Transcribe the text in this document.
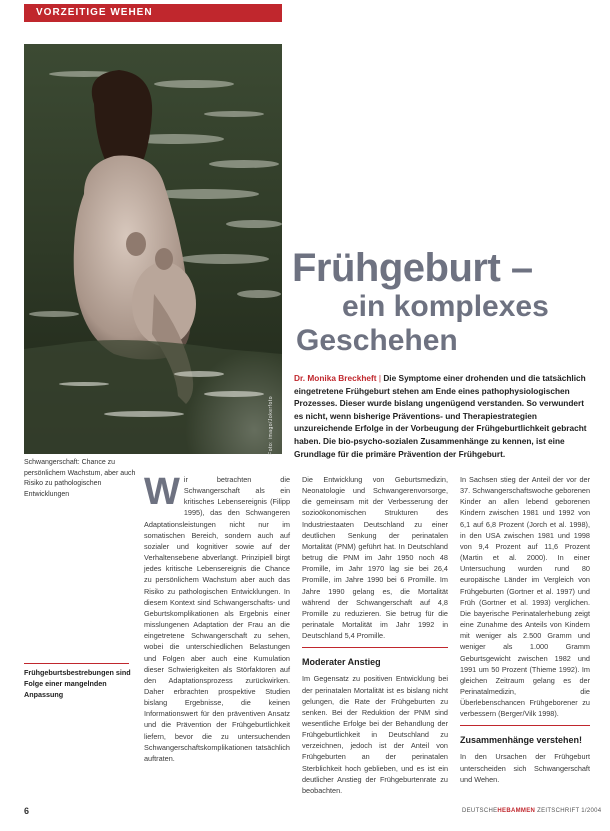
VORZEITIGE WEHEN
Foto: imago/Jokerfoto
Frühgeburt –
ein komplexes
Geschehen

Dr. Monika Breckheft | Die Symptome einer drohenden und die tatsächlich eingetretene Frühgeburt stehen am Ende eines pathophysiologischen Prozesses. Dieser wurde bislang ungenügend verstanden. So verwundert es nicht, wenn bisherige Präventions- und Therapiestrategien unzureichende Erfolge in der Vorbeugung der Frühgeburtlichkeit gebracht haben. Die bio-psycho-sozialen Zusammenhänge zu kennen, ist eine Grundlage für die primäre Prävention der Frühgeburt.

Schwangerschaft: Chance zu persönlichem Wachstum, aber auch Risiko zu pathologischen Entwicklungen

Frühgeburtsbestrebungen sind Folge einer mangelnden Anpassung

W ir betrachten die Schwangerschaft als ein kritisches Lebensereignis (Filipp 1995), das den Schwangeren Adaptationsleistungen nicht nur im somatischen Bereich, sondern auch auf sozialer und kognitiver sowie auf der Verhaltensebene abverlangt. Prinzipiell birgt jedes kritische Lebensereignis die Chance zu persönlichem Wachstum aber auch das Risiko zu pathologischen Entwicklungen. In diesem Kontext sind Schwangerschafts- und Geburtskomplikationen als Ergebnis einer misslungenen Adaptation der Frau an die eingetretene Schwangerschaft zu sehen, wobei die unterschiedlichen Belastungen und Folgen aber auch eine Kumulation dieser Schwierigkeiten als Störfaktoren auf den Adaptationsprozess zurückwirken. Daher erbrachten prospektive Studien bislang Ergebnisse, die keinen Informationswert für den präventiven Ansatz und die Prävention der Frühgeburtlichkeit liefern, bevor die zu untersuchenden Schwangerschaftskomplikationen tatsächlich auftraten.

Die Entwicklung von Geburtsmedizin, Neonatologie und Schwangerenvorsorge, die gemeinsam mit der Verbesserung der sozioökonomischen Strukturen des Industriestaaten Deutschland zu einer deutlichen Senkung der perinatalen Mortalität (PNM) geführt hat. In Deutschland betrug die PNM im Jahr 1950 noch 48 Promille, im Jahr 1970 lag sie bei 26,4 Promille, im Jahre 1990 bei 6 Promille. Im Jahre 1990 gelang es, die Mortalität während der Schwangerschaft auf 4,8 Promille zu reduzieren. Sie betrug für die perinatale Mortalität im Jahr 1992 in Deutschland 5,4 Promille.

Moderater Anstieg

Im Gegensatz zu positiven Entwicklung bei der perinatalen Mortalität ist es bislang nicht gelungen, die Rate der Frühgeburten zu senken. Bei der Reduktion der PNM sind wesentliche Erfolge bei der Behandlung der Frühgeburtlichkeit in Deutschland zu verzeichnen, jedoch ist der Anteil von Frühgeburten an der perinatalen Sterblichkeit hoch geblieben, und es ist ein deutlicher Anstieg der Frühgeburtenrate zu beobachten.

In Sachsen stieg der Anteil der vor der 37. Schwangerschaftswoche geborenen Kinder an allen lebend geborenen Kindern zwischen 1981 und 1992 von 6,1 auf 6,8 Prozent (Jorch et al. 1998), in den USA zwischen 1981 und 1998 von 9,4 Prozent auf 11,6 Prozent (Martin et al. 2000). In einer Untersuchung wurden rund 80 europäische Länder im Vergleich von Frühgeburten (Gortner et al. 1997) und Früh (Gortner et al. 1993) verglichen. Die bayerische Perinatalerhebung zeigt eine Zunahme des Anteils von Kindern mit weniger als 2.500 Gramm und weniger als 1.000 Gramm Geburtsgewicht zwischen 1982 und 1991 um 50 Prozent (Thieme 1992). Im gleichen Zeitraum gelang es der Perinatalmedizin, die Überlebenschancen Frühgeborener zu verbessern (Berger/Vilk 1998).

Zusammenhänge verstehen!

In den Ursachen der Frühgeburt unterscheiden sich Schwangerschaft und Wehen.

6	DEUTSCHEHEBAMMEN ZEITSCHRIFT 1/2004
